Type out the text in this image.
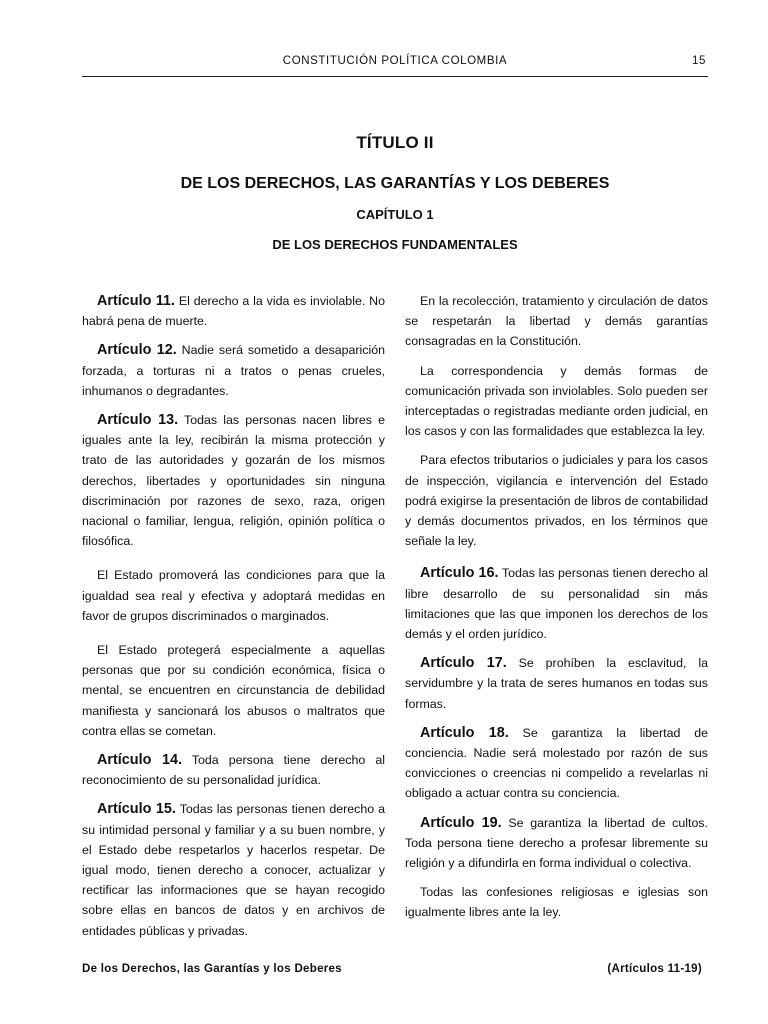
CONSTITUCIÓN POLÍTICA COLOMBIA	15
TÍTULO II
DE LOS DERECHOS, LAS GARANTÍAS Y LOS DEBERES
CAPÍTULO 1
DE LOS DERECHOS FUNDAMENTALES

Artículo 11. El derecho a la vida es inviolable. No habrá pena de muerte.

Artículo 12. Nadie será sometido a desaparición forzada, a torturas ni a tratos o penas crueles, inhumanos o degradantes.

Artículo 13. Todas las personas nacen libres e iguales ante la ley, recibirán la misma protección y trato de las autoridades y gozarán de los mismos derechos, libertades y oportunidades sin ninguna discriminación por razones de sexo, raza, origen nacional o familiar, lengua, religión, opinión política o filosófica.

El Estado promoverá las condiciones para que la igualdad sea real y efectiva y adoptará medidas en favor de grupos discriminados o marginados.

El Estado protegerá especialmente a aquellas personas que por su condición económica, física o mental, se encuentren en circunstancia de debilidad manifiesta y sancionará los abusos o maltratos que contra ellas se cometan.

Artículo 14. Toda persona tiene derecho al reconocimiento de su personalidad jurídica.

Artículo 15. Todas las personas tienen derecho a su intimidad personal y familiar y a su buen nombre, y el Estado debe respetarlos y hacerlos respetar. De igual modo, tienen derecho a conocer, actualizar y rectificar las informaciones que se hayan recogido sobre ellas en bancos de datos y en archivos de entidades públicas y privadas.

En la recolección, tratamiento y circulación de datos se respetarán la libertad y demás garantías consagradas en la Constitución.

La correspondencia y demás formas de comunicación privada son inviolables. Solo pueden ser interceptadas o registradas mediante orden judicial, en los casos y con las formalidades que establezca la ley.

Para efectos tributarios o judiciales y para los casos de inspección, vigilancia e intervención del Estado podrá exigirse la presentación de libros de contabilidad y demás documentos privados, en los términos que señale la ley.

Artículo 16. Todas las personas tienen derecho al libre desarrollo de su personalidad sin más limitaciones que las que imponen los derechos de los demás y el orden jurídico.

Artículo 17. Se prohíben la esclavitud, la servidumbre y la trata de seres humanos en todas sus formas.

Artículo 18. Se garantiza la libertad de conciencia. Nadie será molestado por razón de sus convicciones o creencias ni compelido a revelarlas ni obligado a actuar contra su conciencia.

Artículo 19. Se garantiza la libertad de cultos. Toda persona tiene derecho a profesar libremente su religión y a difundirla en forma individual o colectiva.

Todas las confesiones religiosas e iglesias son igualmente libres ante la ley.

De los Derechos, las Garantías y los Deberes	(Artículos 11-19)
